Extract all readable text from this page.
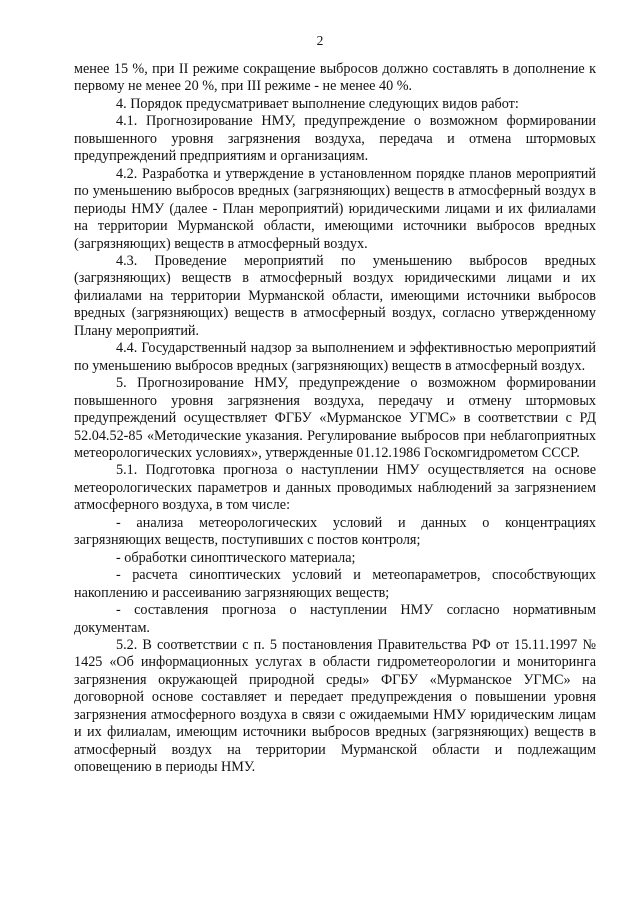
2

менее 15 %, при II режиме сокращение выбросов должно составлять в дополнение к первому не менее 20 %, при III режиме - не менее 40 %.

4. Порядок предусматривает выполнение следующих видов работ:

4.1. Прогнозирование НМУ, предупреждение о возможном формировании повышенного уровня загрязнения воздуха, передача и отмена штормовых предупреждений предприятиям и организациям.

4.2. Разработка и утверждение в установленном порядке планов мероприятий по уменьшению выбросов вредных (загрязняющих) веществ в атмосферный воздух в периоды НМУ (далее - План мероприятий) юридическими лицами и их филиалами на территории Мурманской области, имеющими источники выбросов вредных (загрязняющих) веществ в атмосферный воздух.

4.3. Проведение мероприятий по уменьшению выбросов вредных (загрязняющих) веществ в атмосферный воздух юридическими лицами и их филиалами на территории Мурманской области, имеющими источники выбросов вредных (загрязняющих) веществ в атмосферный воздух, согласно утвержденному Плану мероприятий.

4.4. Государственный надзор за выполнением и эффективностью мероприятий по уменьшению выбросов вредных (загрязняющих) веществ в атмосферный воздух.

5. Прогнозирование НМУ, предупреждение о возможном формировании повышенного уровня загрязнения воздуха, передачу и отмену штормовых предупреждений осуществляет ФГБУ «Мурманское УГМС» в соответствии с РД 52.04.52-85 «Методические указания. Регулирование выбросов при неблагоприятных метеорологических условиях», утвержденные 01.12.1986 Госкомгидрометом СССР.

5.1. Подготовка прогноза о наступлении НМУ осуществляется на основе метеорологических параметров и данных проводимых наблюдений за загрязнением атмосферного воздуха, в том числе:

- анализа метеорологических условий и данных о концентрациях загрязняющих веществ, поступивших с постов контроля;

- обработки синоптического материала;

- расчета синоптических условий и метеопараметров, способствующих накоплению и рассеиванию загрязняющих веществ;

- составления прогноза о наступлении НМУ согласно нормативным документам.

5.2. В соответствии с п. 5 постановления Правительства РФ от 15.11.1997 № 1425 «Об информационных услугах в области гидрометеорологии и мониторинга загрязнения окружающей природной среды» ФГБУ «Мурманское УГМС» на договорной основе составляет и передает предупреждения о повышении уровня загрязнения атмосферного воздуха в связи с ожидаемыми НМУ юридическим лицам и их филиалам, имеющим источники выбросов вредных (загрязняющих) веществ в атмосферный воздух на территории Мурманской области и подлежащим оповещению в периоды НМУ.
